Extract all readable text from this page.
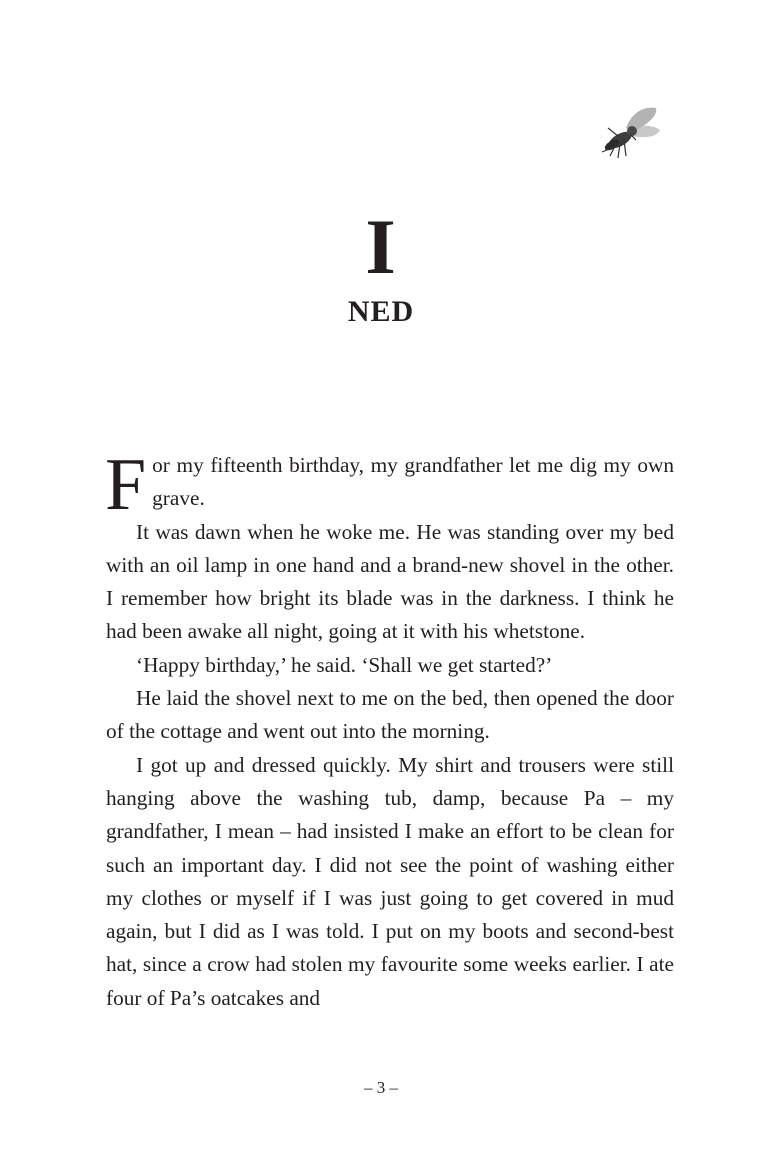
I
NED

For my fifteenth birthday, my grandfather let me dig my own grave.

It was dawn when he woke me. He was standing over my bed with an oil lamp in one hand and a brand-new shovel in the other. I remember how bright its blade was in the darkness. I think he had been awake all night, going at it with his whetstone.

‘Happy birthday,’ he said. ‘Shall we get started?’

He laid the shovel next to me on the bed, then opened the door of the cottage and went out into the morning.

I got up and dressed quickly. My shirt and trousers were still hanging above the washing tub, damp, because Pa – my grandfather, I mean – had insisted I make an effort to be clean for such an important day. I did not see the point of washing either my clothes or myself if I was just going to get covered in mud again, but I did as I was told. I put on my boots and second-best hat, since a crow had stolen my favourite some weeks earlier. I ate four of Pa’s oatcakes and

– 3 –
